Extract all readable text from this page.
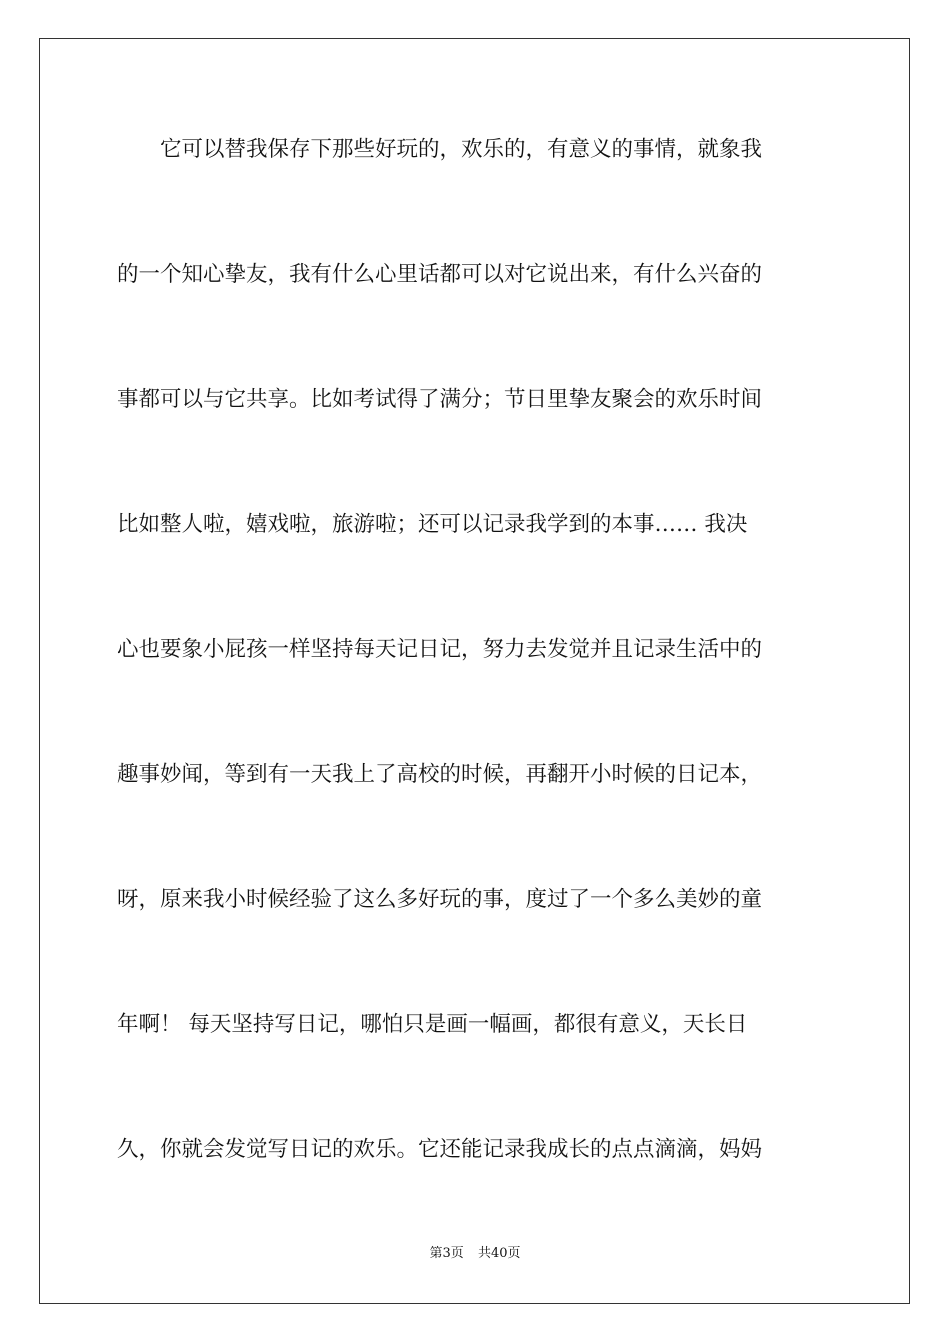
　　它可以替我保存下那些好玩的，欢乐的，有意义的事情，就象我
的一个知心挚友，我有什么心里话都可以对它说出来，有什么兴奋的
事都可以与它共享。比如考试得了满分；节日里挚友聚会的欢乐时间
比如整人啦，嬉戏啦，旅游啦；还可以记录我学到的本事…… 我决
心也要象小屁孩一样坚持每天记日记，努力去发觉并且记录生活中的
趣事妙闻，等到有一天我上了高校的时候，再翻开小时候的日记本，
呀，原来我小时候经验了这么多好玩的事，度过了一个多么美妙的童
年啊！ 每天坚持写日记，哪怕只是画一幅画，都很有意义，天长日
久，你就会发觉写日记的欢乐。它还能记录我成长的点点滴滴，妈妈
第3页 共40页
